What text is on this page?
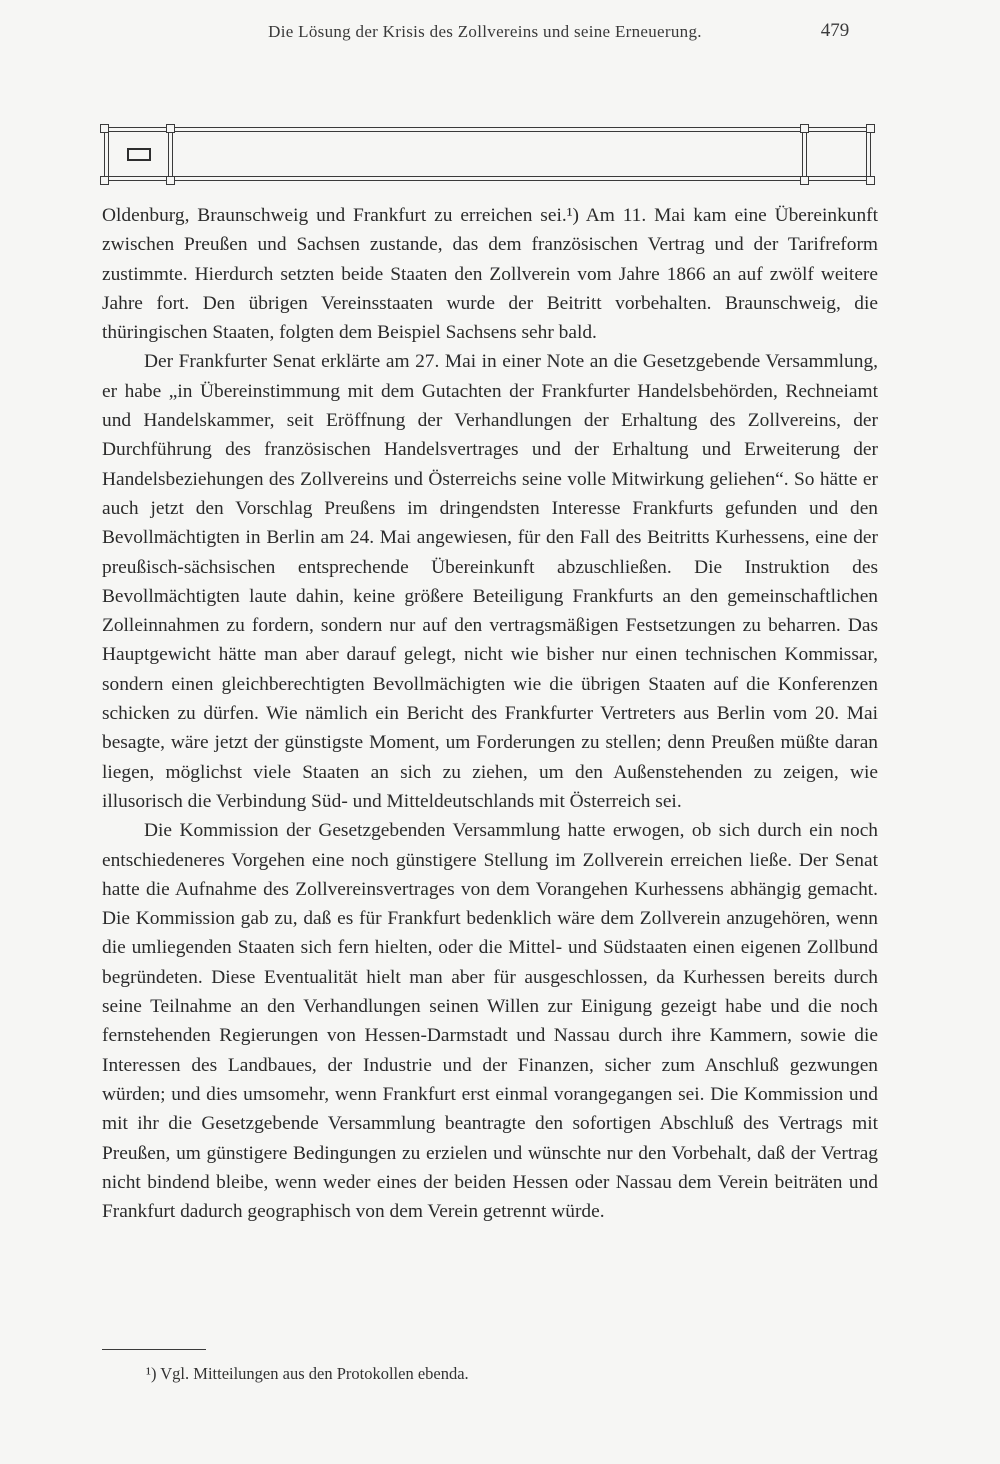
Die Lösung der Krisis des Zollvereins und seine Erneuerung.	479

Oldenburg, Braunschweig und Frankfurt zu erreichen sei.¹) Am 11. Mai kam eine Übereinkunft zwischen Preußen und Sachsen zustande, das dem französischen Vertrag und der Tarifreform zustimmte. Hierdurch setzten beide Staaten den Zollverein vom Jahre 1866 an auf zwölf weitere Jahre fort. Den übrigen Vereinsstaaten wurde der Beitritt vorbehalten. Braunschweig, die thüringischen Staaten, folgten dem Beispiel Sachsens sehr bald.

Der Frankfurter Senat erklärte am 27. Mai in einer Note an die Gesetzgebende Versammlung, er habe „in Übereinstimmung mit dem Gutachten der Frankfurter Handelsbehörden, Rechneiamt und Handelskammer, seit Eröffnung der Verhandlungen der Erhaltung des Zollvereins, der Durchführung des französischen Handelsvertrages und der Erhaltung und Erweiterung der Handelsbeziehungen des Zollvereins und Österreichs seine volle Mitwirkung geliehen“. So hätte er auch jetzt den Vorschlag Preußens im dringendsten Interesse Frankfurts gefunden und den Bevollmächtigten in Berlin am 24. Mai angewiesen, für den Fall des Beitritts Kurhessens, eine der preußisch-sächsischen entsprechende Übereinkunft abzuschließen. Die Instruktion des Bevollmächtigten laute dahin, keine größere Beteiligung Frankfurts an den gemeinschaftlichen Zolleinnahmen zu fordern, sondern nur auf den vertragsmäßigen Festsetzungen zu beharren. Das Hauptgewicht hätte man aber darauf gelegt, nicht wie bisher nur einen technischen Kommissar, sondern einen gleichberechtigten Bevollmächigten wie die übrigen Staaten auf die Konferenzen schicken zu dürfen. Wie nämlich ein Bericht des Frankfurter Vertreters aus Berlin vom 20. Mai besagte, wäre jetzt der günstigste Moment, um Forderungen zu stellen; denn Preußen müßte daran liegen, möglichst viele Staaten an sich zu ziehen, um den Außenstehenden zu zeigen, wie illusorisch die Verbindung Süd- und Mitteldeutschlands mit Österreich sei.

Die Kommission der Gesetzgebenden Versammlung hatte erwogen, ob sich durch ein noch entschiedeneres Vorgehen eine noch günstigere Stellung im Zollverein erreichen ließe. Der Senat hatte die Aufnahme des Zollvereinsvertrages von dem Vorangehen Kurhessens abhängig gemacht. Die Kommission gab zu, daß es für Frankfurt bedenklich wäre dem Zollverein anzugehören, wenn die umliegenden Staaten sich fern hielten, oder die Mittel- und Südstaaten einen eigenen Zollbund begründeten. Diese Eventualität hielt man aber für ausgeschlossen, da Kurhessen bereits durch seine Teilnahme an den Verhandlungen seinen Willen zur Einigung gezeigt habe und die noch fernstehenden Regierungen von Hessen-Darmstadt und Nassau durch ihre Kammern, sowie die Interessen des Landbaues, der Industrie und der Finanzen, sicher zum Anschluß gezwungen würden; und dies umsomehr, wenn Frankfurt erst einmal vorangegangen sei. Die Kommission und mit ihr die Gesetzgebende Versammlung beantragte den sofortigen Abschluß des Vertrags mit Preußen, um günstigere Bedingungen zu erzielen und wünschte nur den Vorbehalt, daß der Vertrag nicht bindend bleibe, wenn weder eines der beiden Hessen oder Nassau dem Verein beiträten und Frankfurt dadurch geographisch von dem Verein getrennt würde.

¹) Vgl. Mitteilungen aus den Protokollen ebenda.
